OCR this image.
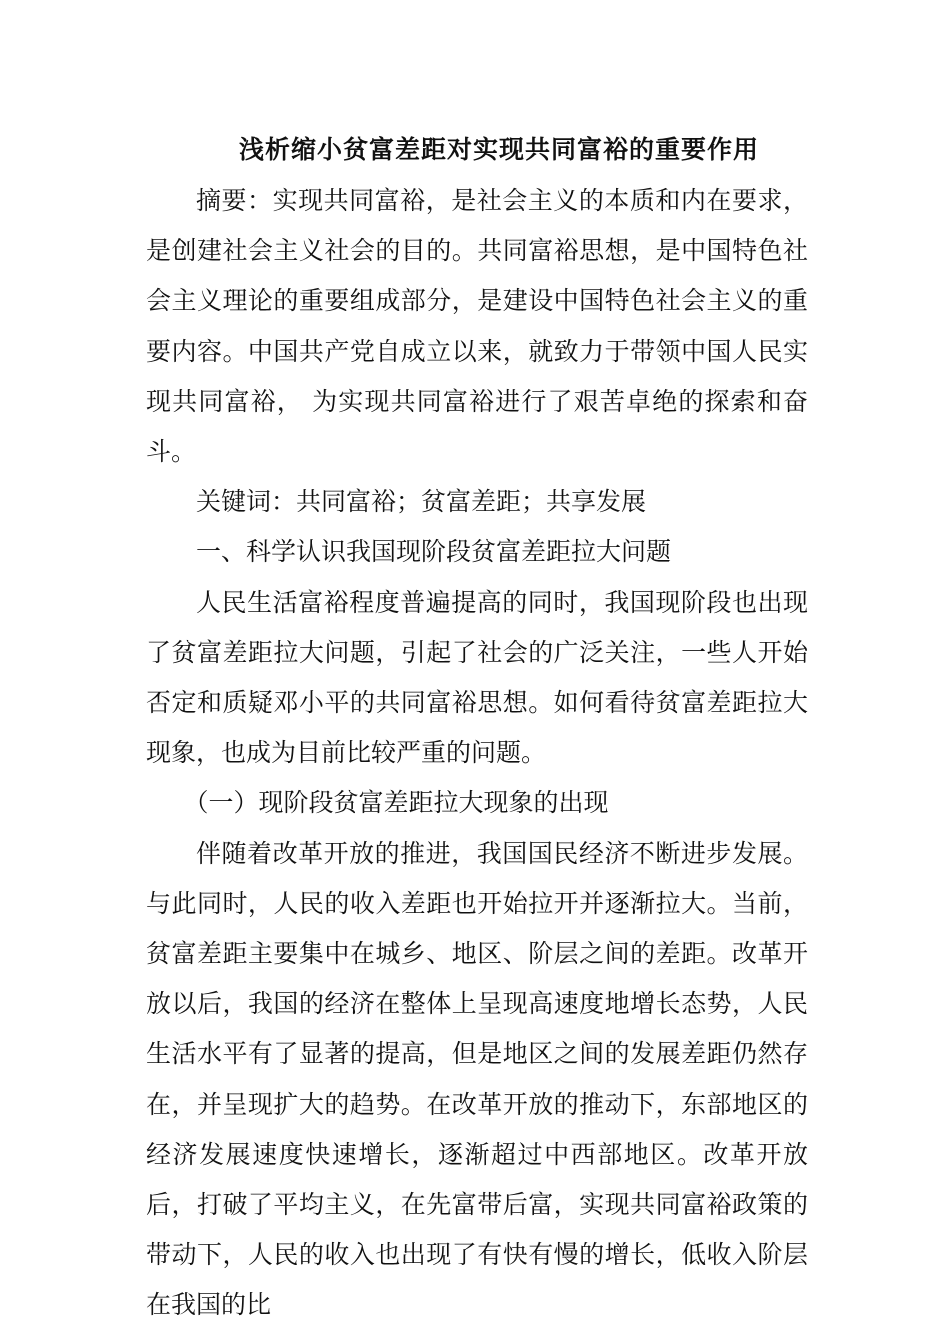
浅析缩小贫富差距对实现共同富裕的重要作用

摘要：实现共同富裕，是社会主义的本质和内在要求，是创建社会主义社会的目的。共同富裕思想，是中国特色社会主义理论的重要组成部分，是建设中国特色社会主义的重要内容。中国共产党自成立以来，就致力于带领中国人民实现共同富裕， 为实现共同富裕进行了艰苦卓绝的探索和奋斗。

关键词：共同富裕；贫富差距；共享发展

一、科学认识我国现阶段贫富差距拉大问题

人民生活富裕程度普遍提高的同时，我国现阶段也出现了贫富差距拉大问题，引起了社会的广泛关注，一些人开始否定和质疑邓小平的共同富裕思想。如何看待贫富差距拉大现象，也成为目前比较严重的问题。

（一）现阶段贫富差距拉大现象的出现

伴随着改革开放的推进，我国国民经济不断进步发展。与此同时，人民的收入差距也开始拉开并逐渐拉大。当前，贫富差距主要集中在城乡、地区、阶层之间的差距。改革开放以后，我国的经济在整体上呈现高速度地增长态势，人民生活水平有了显著的提高，但是地区之间的发展差距仍然存在，并呈现扩大的趋势。在改革开放的推动下，东部地区的经济发展速度快速增长，逐渐超过中西部地区。改革开放后，打破了平均主义，在先富带后富，实现共同富裕政策的带动下，人民的收入也出现了有快有慢的增长，低收入阶层在我国的比
